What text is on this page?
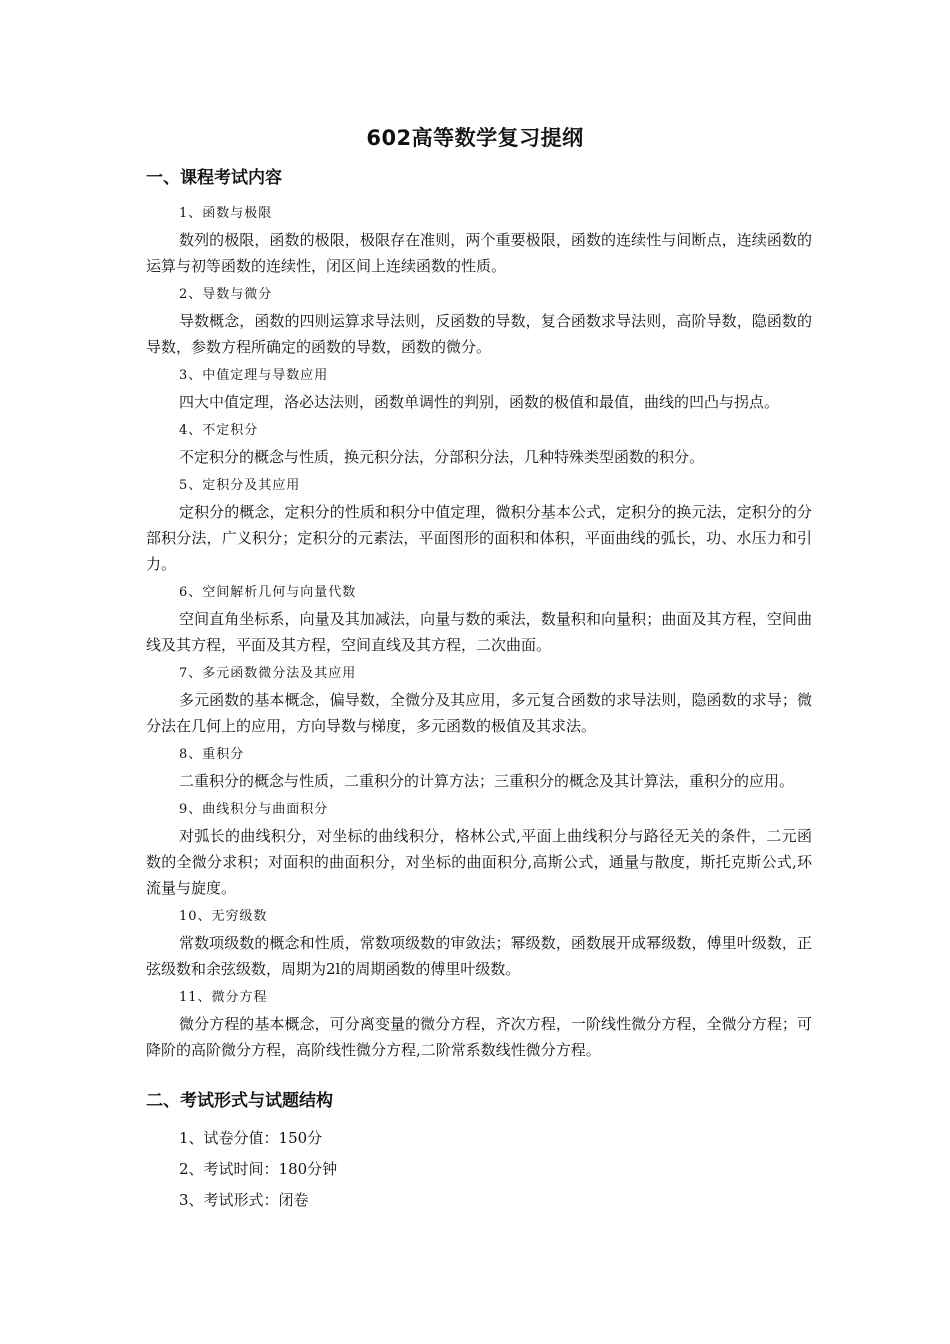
602高等数学复习提纲
一、课程考试内容
1、函数与极限

数列的极限，函数的极限，极限存在准则，两个重要极限，函数的连续性与间断点，连续函数的运算与初等函数的连续性，闭区间上连续函数的性质。

2、导数与微分

导数概念，函数的四则运算求导法则，反函数的导数，复合函数求导法则，高阶导数，隐函数的导数，参数方程所确定的函数的导数，函数的微分。

3、中值定理与导数应用

四大中值定理，洛必达法则，函数单调性的判别，函数的极值和最值，曲线的凹凸与拐点。

4、不定积分

不定积分的概念与性质，换元积分法，分部积分法，几种特殊类型函数的积分。

5、定积分及其应用

定积分的概念，定积分的性质和积分中值定理，微积分基本公式，定积分的换元法，定积分的分部积分法，广义积分；定积分的元素法，平面图形的面积和体积，平面曲线的弧长，功、水压力和引力。

6、空间解析几何与向量代数

空间直角坐标系，向量及其加减法，向量与数的乘法，数量积和向量积；曲面及其方程，空间曲线及其方程，平面及其方程，空间直线及其方程，二次曲面。

7、多元函数微分法及其应用

多元函数的基本概念，偏导数，全微分及其应用，多元复合函数的求导法则，隐函数的求导；微分法在几何上的应用，方向导数与梯度，多元函数的极值及其求法。

8、重积分

二重积分的概念与性质，二重积分的计算方法；三重积分的概念及其计算法，重积分的应用。

9、曲线积分与曲面积分

对弧长的曲线积分，对坐标的曲线积分，格林公式,平面上曲线积分与路径无关的条件，二元函数的全微分求积；对面积的曲面积分，对坐标的曲面积分,高斯公式，通量与散度，斯托克斯公式,环流量与旋度。

10、无穷级数

常数项级数的概念和性质，常数项级数的审敛法；幂级数，函数展开成幂级数，傅里叶级数，正弦级数和余弦级数，周期为2l的周期函数的傅里叶级数。

11、微分方程

微分方程的基本概念，可分离变量的微分方程，齐次方程，一阶线性微分方程，全微分方程；可降阶的高阶微分方程，高阶线性微分方程,二阶常系数线性微分方程。

二、考试形式与试题结构
1、试卷分值：150分
2、考试时间：180分钟
3、考试形式：闭卷
